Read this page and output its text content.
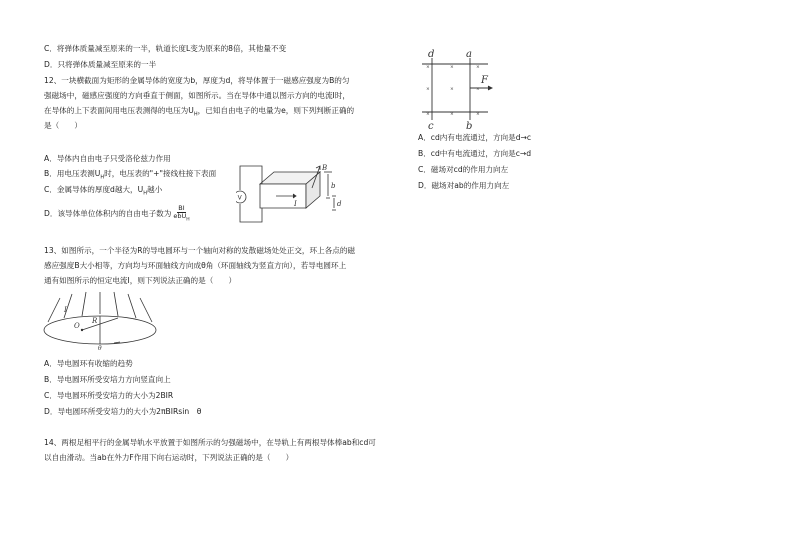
C．将弹体质量减至原来的一半，轨道长度L变为原来的8倍，其他量不变
D．只将弹体质量减至原来的一半
12、一块横截面为矩形的金属导体的宽度为b，厚度为d，将导体置于一磁感应强度为B的匀
强磁场中，磁感应强度的方向垂直于侧面，如图所示。当在导体中通以图示方向的电流I时，
在导体的上下表面间用电压表测得的电压为$U_H$，已知自由电子的电量为e，则下列判断正确的
是（　　）
A．导体内自由电子只受洛伦兹力作用
B．用电压表测$U_H$时，电压表的"+"接线柱接下表面
C．金属导体的厚度d越大，$U_H$越小
D．该导体单位体积内的自由电子数为 $\frac{BI}{ebU_H}$
V
B
b
d
I
13、如图所示，一个半径为R的导电圆环与一个轴向对称的发散磁场处处正交，环上各点的磁
感应强度B大小相等，方向均与环面轴线方向成θ角（环面轴线为竖直方向），若导电圆环上
通有如图所示的恒定电流I，则下列说法正确的是（　　）
I
R
O
θ
A．导电圆环有收缩的趋势
B．导电圆环所受安培力方向竖直向上
C．导电圆环所受安培力的大小为2BIR
D．导电圆环所受安培力的大小为2πBIRsin　θ
14、两根足相平行的金属导轨水平放置于如图所示的匀强磁场中，在导轨上有两根导体棒ab和cd可
以自由滑动。当ab在外力F作用下向右运动时，下列说法正确的是（　　）
×	×	×
×	×	×
×	×	×
d	a
c	b
F
A．cd内有电流通过，方向是d→c
B．cd中有电流通过，方向是c→d
C．磁场对cd的作用力向左
D．磁场对ab的作用力向左
